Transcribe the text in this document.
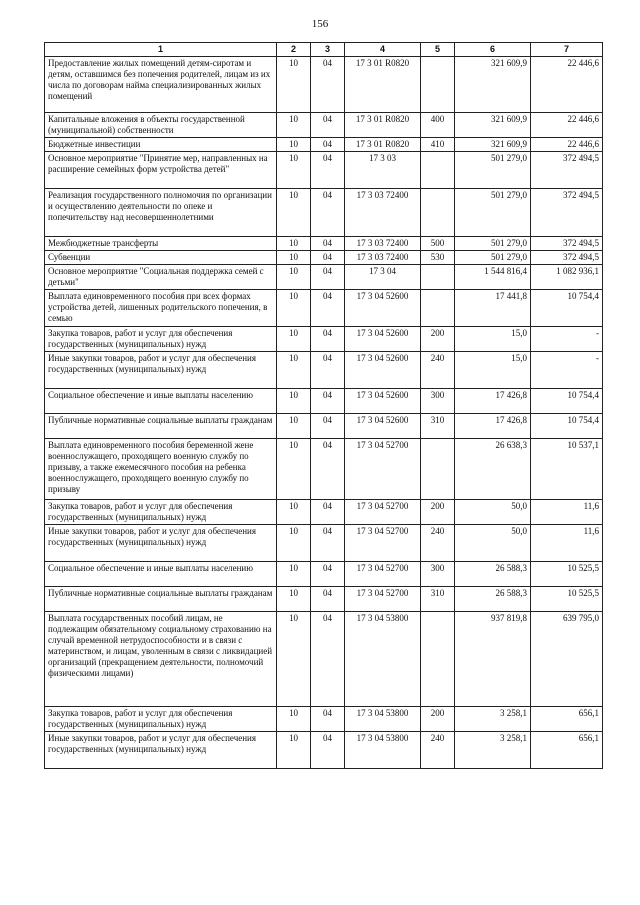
156
1	2	3	4	5	6	7
Предоставление жилых помещений детям-сиротам и детям, оставшимся без попечения родителей, лицам из их числа по договорам найма специализированных жилых помещений	10	04	17 3 01 R0820		321 609,9	22 446,6
Капитальные вложения в объекты государственной (муниципальной) собственности	10	04	17 3 01 R0820	400	321 609,9	22 446,6
Бюджетные инвестиции	10	04	17 3 01 R0820	410	321 609,9	22 446,6
Основное мероприятие "Принятие мер, направленных на расширение семейных форм устройства детей"	10	04	17 3 03		501 279,0	372 494,5
Реализация государственного полномочия по организации и осуществлению деятельности по опеке и попечительству над несовершеннолетними	10	04	17 3 03 72400		501 279,0	372 494,5
Межбюджетные трансферты	10	04	17 3 03 72400	500	501 279,0	372 494,5
Субвенции	10	04	17 3 03 72400	530	501 279,0	372 494,5
Основное мероприятие "Социальная поддержка семей с детьми"	10	04	17 3 04		1 544 816,4	1 082 936,1
Выплата единовременного пособия при всех формах устройства детей, лишенных родительского попечения, в семью	10	04	17 3 04 52600		17 441,8	10 754,4
Закупка товаров, работ и услуг для обеспечения государственных (муниципальных) нужд	10	04	17 3 04 52600	200	15,0	-
Иные закупки товаров, работ и услуг для обеспечения государственных (муниципальных) нужд	10	04	17 3 04 52600	240	15,0	-
Социальное обеспечение и иные выплаты населению	10	04	17 3 04 52600	300	17 426,8	10 754,4
Публичные нормативные социальные выплаты гражданам	10	04	17 3 04 52600	310	17 426,8	10 754,4
Выплата единовременного пособия беременной жене военнослужащего, проходящего военную службу по призыву, а также ежемесячного пособия на ребенка военнослужащего, проходящего военную службу по призыву	10	04	17 3 04 52700		26 638,3	10 537,1
Закупка товаров, работ и услуг для обеспечения государственных (муниципальных) нужд	10	04	17 3 04 52700	200	50,0	11,6
Иные закупки товаров, работ и услуг для обеспечения государственных (муниципальных) нужд	10	04	17 3 04 52700	240	50,0	11,6
Социальное обеспечение и иные выплаты населению	10	04	17 3 04 52700	300	26 588,3	10 525,5
Публичные нормативные социальные выплаты гражданам	10	04	17 3 04 52700	310	26 588,3	10 525,5
Выплата государственных пособий лицам, не подлежащим обязательному социальному страхованию на случай временной нетрудоспособности и в связи с материнством, и лицам, уволенным в связи с ликвидацией организаций (прекращением деятельности, полномочий физическими лицами)	10	04	17 3 04 53800		937 819,8	639 795,0
Закупка товаров, работ и услуг для обеспечения государственных (муниципальных) нужд	10	04	17 3 04 53800	200	3 258,1	656,1
Иные закупки товаров, работ и услуг для обеспечения государственных (муниципальных) нужд	10	04	17 3 04 53800	240	3 258,1	656,1
